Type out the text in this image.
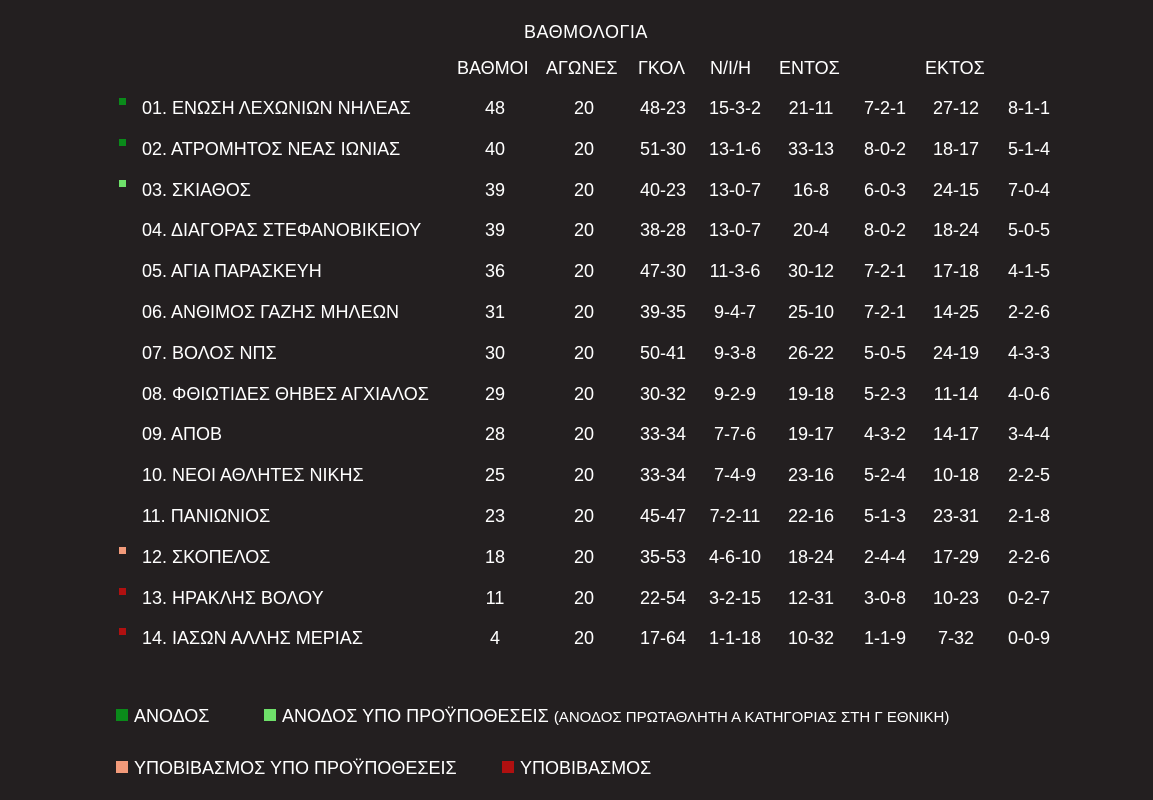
ΒΑΘΜΟΛΟΓΙΑ
ΒΑΘΜΟΙ ΑΓΩΝΕΣ ΓΚΟΛ Ν/Ι/Η ΕΝΤΟΣ	ΕΚΤΟΣ
01. ΕΝΩΣΗ ΛΕΧΩΝΙΩΝ ΝΗΛΕΑΣ	48	20	48-23	15-3-2	21-11	7-2-1	27-12	8-1-1
02. ΑΤΡΟΜΗΤΟΣ ΝΕΑΣ ΙΩΝΙΑΣ	40	20	51-30	13-1-6	33-13	8-0-2	18-17	5-1-4
03. ΣΚΙΑΘΟΣ	39	20	40-23	13-0-7	16-8	6-0-3	24-15	7-0-4
04. ΔΙΑΓΟΡΑΣ ΣΤΕΦΑΝΟΒΙΚΕΙΟΥ	39	20	38-28	13-0-7	20-4	8-0-2	18-24	5-0-5
05. ΑΓΙΑ ΠΑΡΑΣΚΕΥΗ	36	20	47-30	11-3-6	30-12	7-2-1	17-18	4-1-5
06. ΑΝΘΙΜΟΣ ΓΑΖΗΣ ΜΗΛΕΩΝ	31	20	39-35	9-4-7	25-10	7-2-1	14-25	2-2-6
07. ΒΟΛΟΣ ΝΠΣ	30	20	50-41	9-3-8	26-22	5-0-5	24-19	4-3-3
08. ΦΘΙΩΤΙΔΕΣ ΘΗΒΕΣ ΑΓΧΙΑΛΟΣ	29	20	30-32	9-2-9	19-18	5-2-3	11-14	4-0-6
09. ΑΠΟΒ	28	20	33-34	7-7-6	19-17	4-3-2	14-17	3-4-4
10. ΝΕΟΙ ΑΘΛΗΤΕΣ ΝΙΚΗΣ	25	20	33-34	7-4-9	23-16	5-2-4	10-18	2-2-5
11. ΠΑΝΙΩΝΙΟΣ	23	20	45-47	7-2-11	22-16	5-1-3	23-31	2-1-8
12. ΣΚΟΠΕΛΟΣ	18	20	35-53	4-6-10	18-24	2-4-4	17-29	2-2-6
13. ΗΡΑΚΛΗΣ ΒΟΛΟΥ	11	20	22-54	3-2-15	12-31	3-0-8	10-23	0-2-7
14. ΙΑΣΩΝ ΑΛΛΗΣ ΜΕΡΙΑΣ	4	20	17-64	1-1-18	10-32	1-1-9	7-32	0-0-9
ΑΝΟΔΟΣ	ΑΝΟΔΟΣ ΥΠΟ ΠΡΟΫΠΟΘΕΣΕΙΣ (ΑΝΟΔΟΣ ΠΡΩΤΑΘΛΗΤΗ Α ΚΑΤΗΓΟΡΙΑΣ ΣΤΗ Γ ΕΘΝΙΚΗ)
ΥΠΟΒΙΒΑΣΜΟΣ ΥΠΟ ΠΡΟΫΠΟΘΕΣΕΙΣ	ΥΠΟΒΙΒΑΣΜΟΣ
